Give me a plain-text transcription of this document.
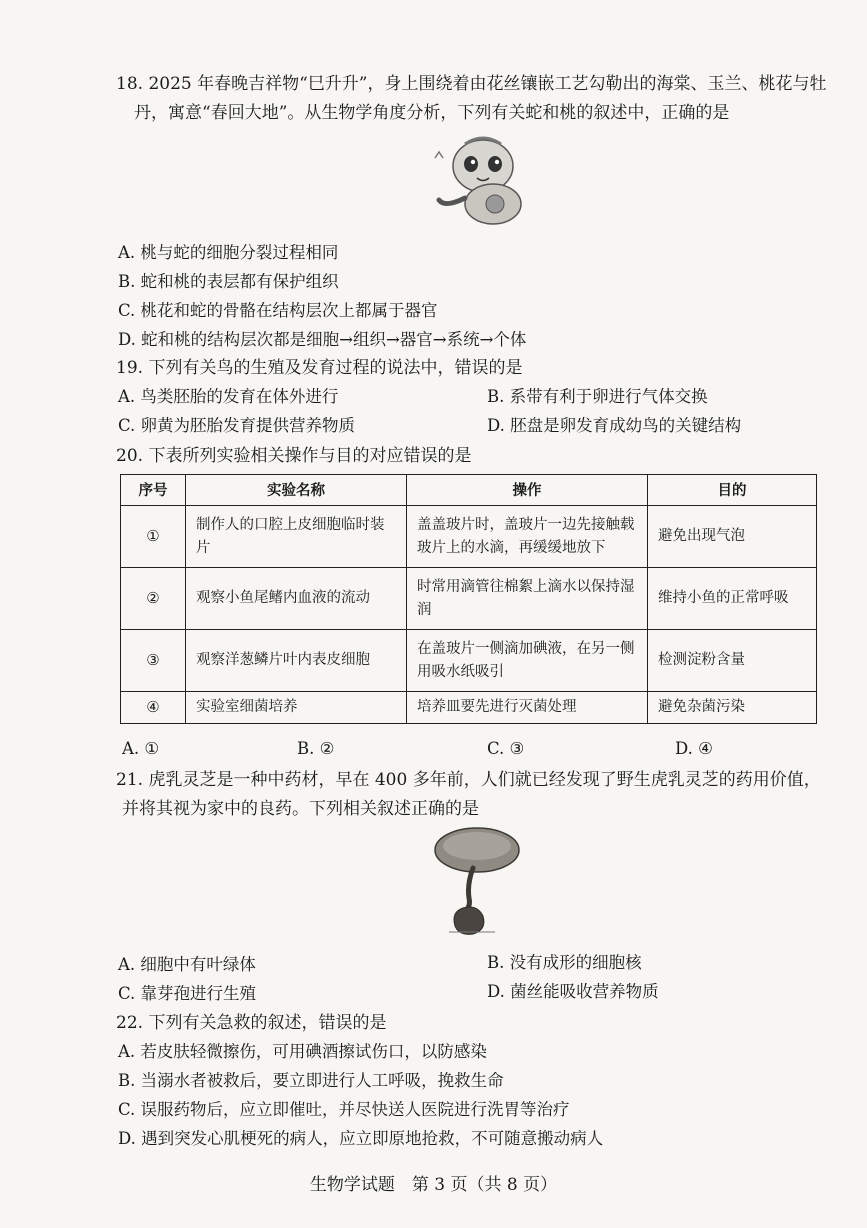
18. 2025 年春晚吉祥物“巳升升”，身上围绕着由花丝镶嵌工艺勾勒出的海棠、玉兰、桃花与牡
丹，寓意“春回大地”。从生物学角度分析，下列有关蛇和桃的叙述中，正确的是
A. 桃与蛇的细胞分裂过程相同
B. 蛇和桃的表层都有保护组织
C. 桃花和蛇的骨骼在结构层次上都属于器官
D. 蛇和桃的结构层次都是细胞→组织→器官→系统→个体
19. 下列有关鸟的生殖及发育过程的说法中，错误的是
A. 鸟类胚胎的发育在体外进行	B. 系带有利于卵进行气体交换
C. 卵黄为胚胎发育提供营养物质	D. 胚盘是卵发育成幼鸟的关键结构
20. 下表所列实验相关操作与目的对应错误的是
序号	实验名称	操作	目的
①	制作人的口腔上皮细胞临时装片	盖盖玻片时，盖玻片一边先接触载玻片上的水滴，再缓缓地放下	避免出现气泡
②	观察小鱼尾鳍内血液的流动	时常用滴管往棉絮上滴水以保持湿润	维持小鱼的正常呼吸
③	观察洋葱鳞片叶内表皮细胞	在盖玻片一侧滴加碘液，在另一侧用吸水纸吸引	检测淀粉含量
④	实验室细菌培养	培养皿要先进行灭菌处理	避免杂菌污染
A. ①	B. ②	C. ③	D. ④
21. 虎乳灵芝是一种中药材，早在 400 多年前，人们就已经发现了野生虎乳灵芝的药用价值，
并将其视为家中的良药。下列相关叙述正确的是
A. 细胞中有叶绿体	B. 没有成形的细胞核
C. 靠芽孢进行生殖	D. 菌丝能吸收营养物质
22. 下列有关急救的叙述，错误的是
A. 若皮肤轻微擦伤，可用碘酒擦试伤口，以防感染
B. 当溺水者被救后，要立即进行人工呼吸，挽救生命
C. 误服药物后，应立即催吐，并尽快送人医院进行洗胃等治疗
D. 遇到突发心肌梗死的病人，应立即原地抢救，不可随意搬动病人
生物学试题　第 3 页（共 8 页）
